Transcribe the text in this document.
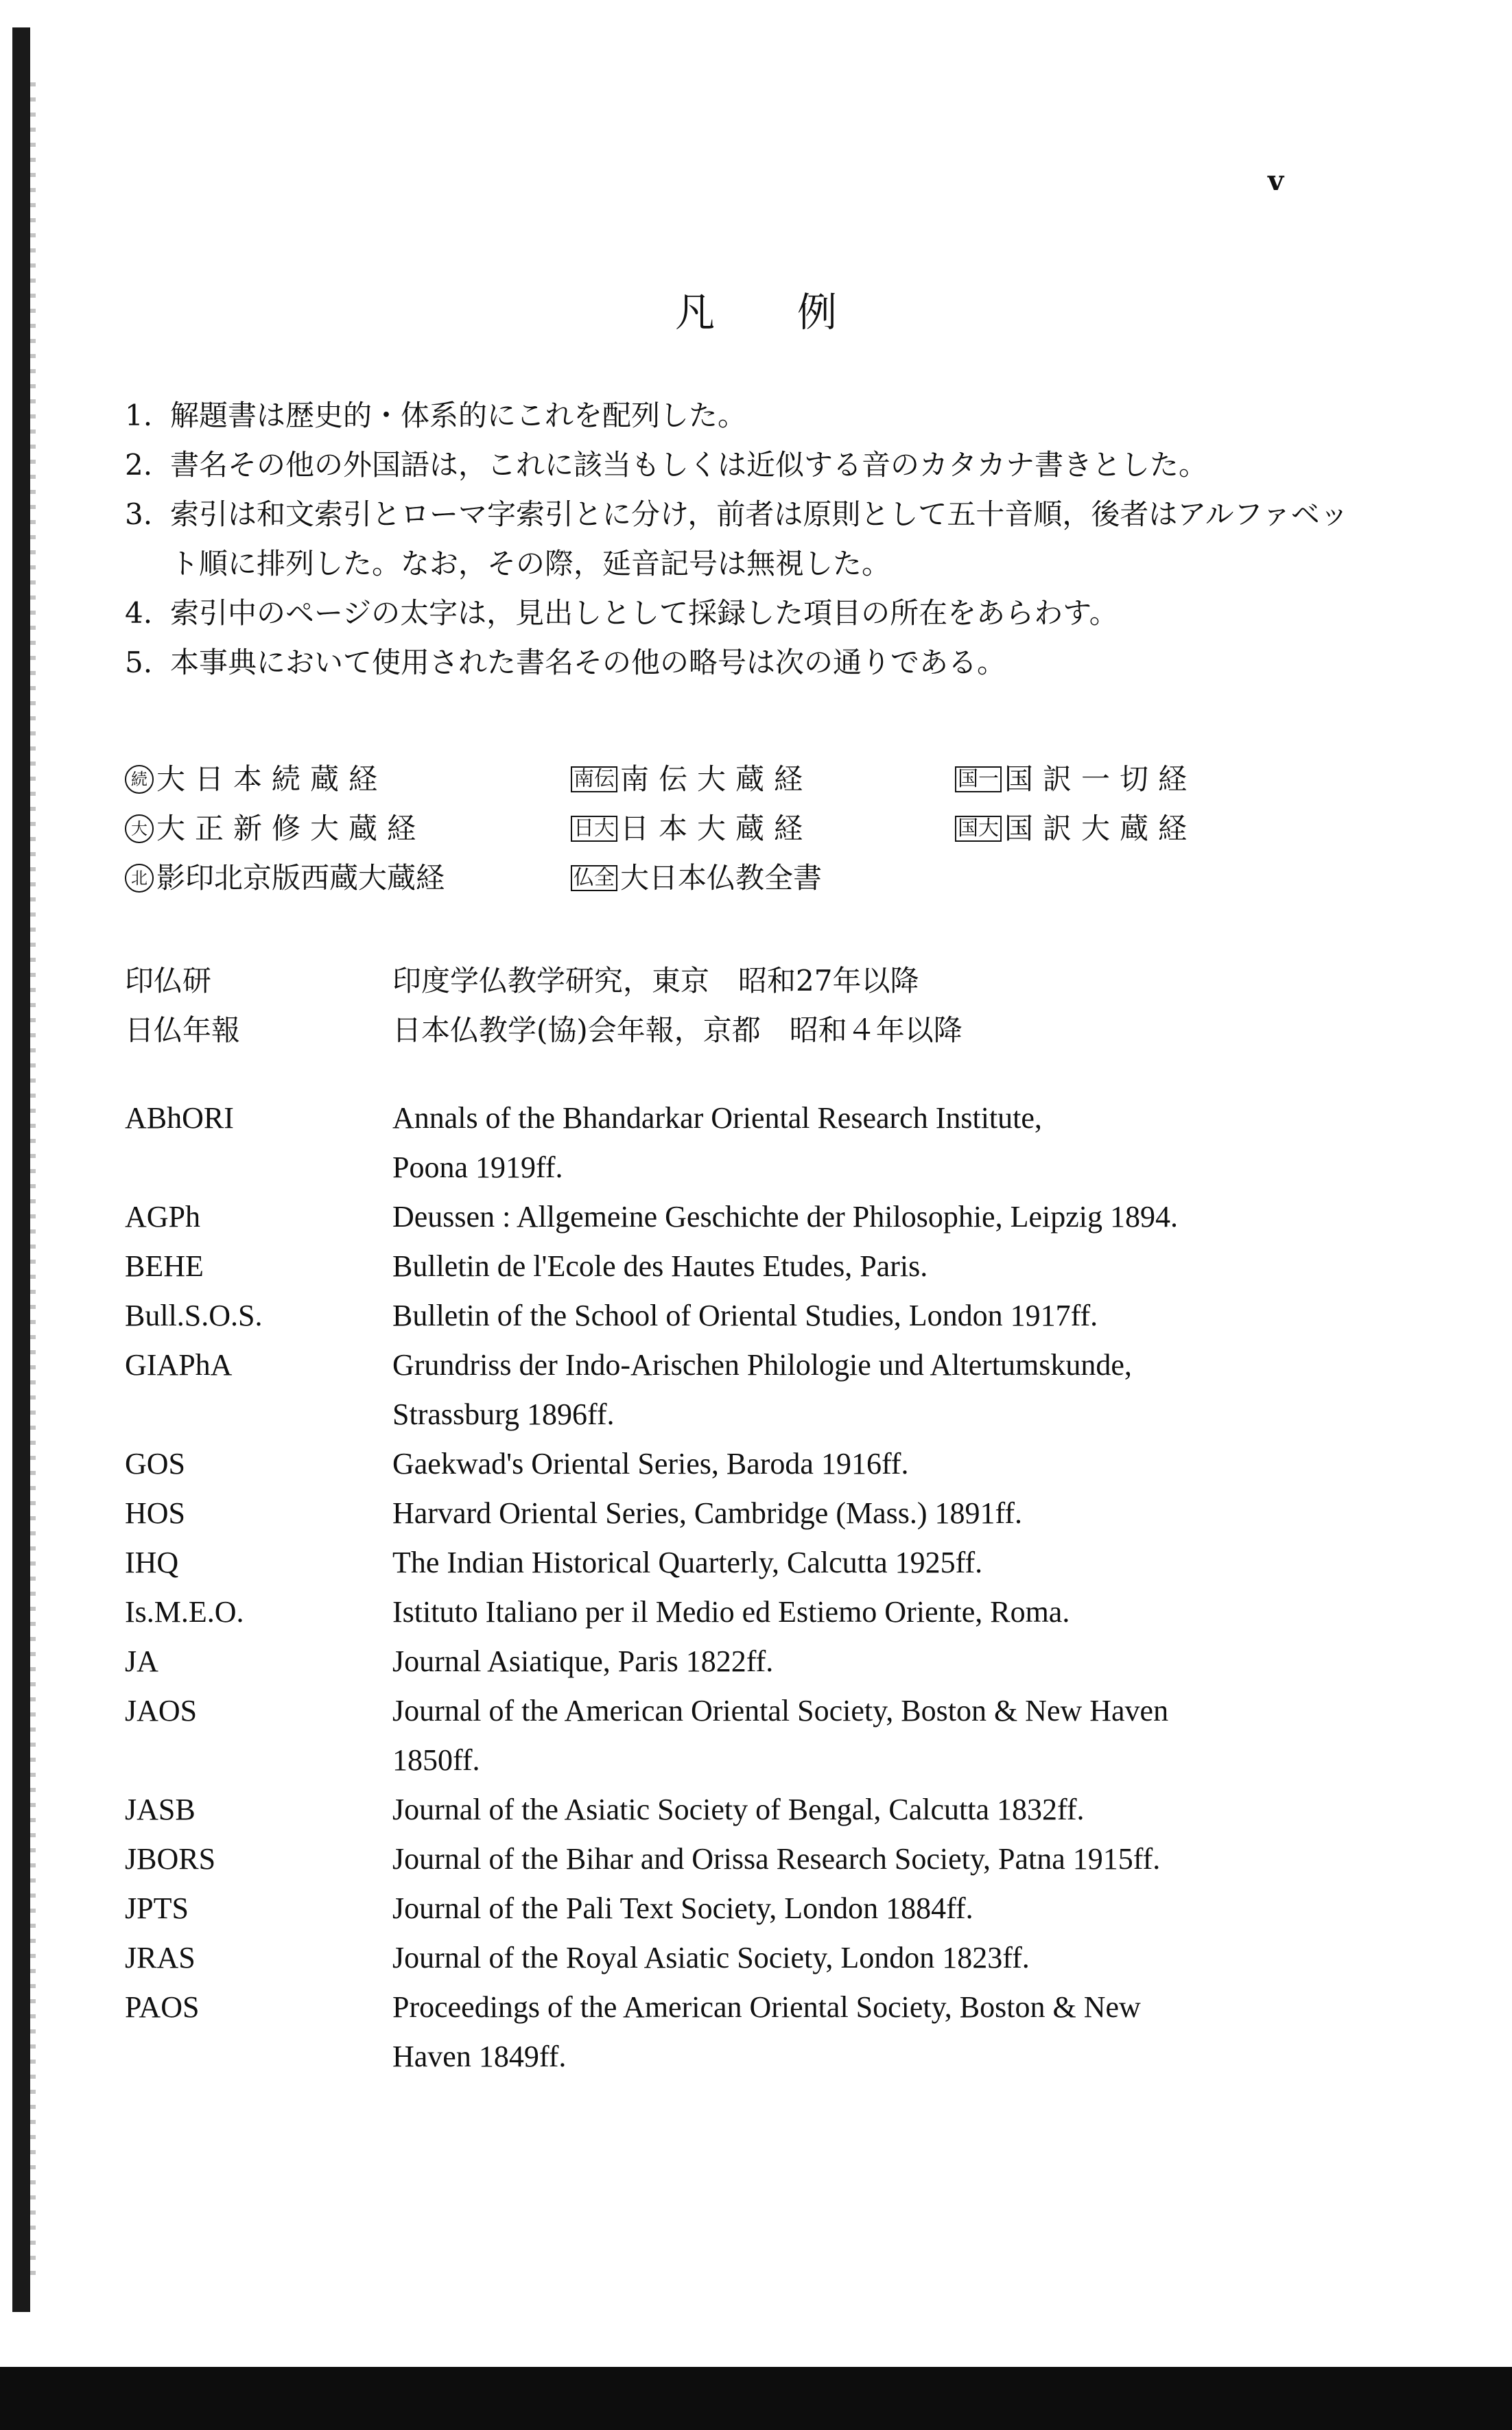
v
凡例
1. 解題書は歴史的・体系的にこれを配列した。
2. 書名その他の外国語は，これに該当もしくは近似する音のカタカナ書きとした。
3. 索引は和文索引とローマ字索引とに分け，前者は原則として五十音順，後者はアルファベット順に排列した。なお，その際，延音記号は無視した。
4. 索引中のページの太字は，見出しとして採録した項目の所在をあらわす。
5. 本事典において使用された書名その他の略号は次の通りである。
続 大日本続蔵経	南伝 南伝大蔵経	国一 国訳一切経
大 大正新修大蔵経	日大 日本大蔵経	国大 国訳大蔵経
北 影印北京版西蔵大蔵経	仏全 大日本仏教全書
印仏研	印度学仏教学研究，東京　昭和27年以降
日仏年報	日本仏教学(協)会年報，京都　昭和４年以降
ABhORI	Annals of the Bhandarkar Oriental Research Institute,
Poona 1919ff.
AGPh	Deussen : Allgemeine Geschichte der Philosophie, Leipzig 1894.
BEHE	Bulletin de l'Ecole des Hautes Etudes, Paris.
Bull.S.O.S.	Bulletin of the School of Oriental Studies, London 1917ff.
GIAPhA	Grundriss der Indo-Arischen Philologie und Altertumskunde,
Strassburg 1896ff.
GOS	Gaekwad's Oriental Series, Baroda 1916ff.
HOS	Harvard Oriental Series, Cambridge (Mass.) 1891ff.
IHQ	The Indian Historical Quarterly, Calcutta 1925ff.
Is.M.E.O.	Istituto Italiano per il Medio ed Estiemo Oriente, Roma.
JA	Journal Asiatique, Paris 1822ff.
JAOS	Journal of the American Oriental Society, Boston & New Haven
1850ff.
JASB	Journal of the Asiatic Society of Bengal, Calcutta 1832ff.
JBORS	Journal of the Bihar and Orissa Research Society, Patna 1915ff.
JPTS	Journal of the Pali Text Society, London 1884ff.
JRAS	Journal of the Royal Asiatic Society, London 1823ff.
PAOS	Proceedings of the American Oriental Society, Boston & New
Haven 1849ff.
